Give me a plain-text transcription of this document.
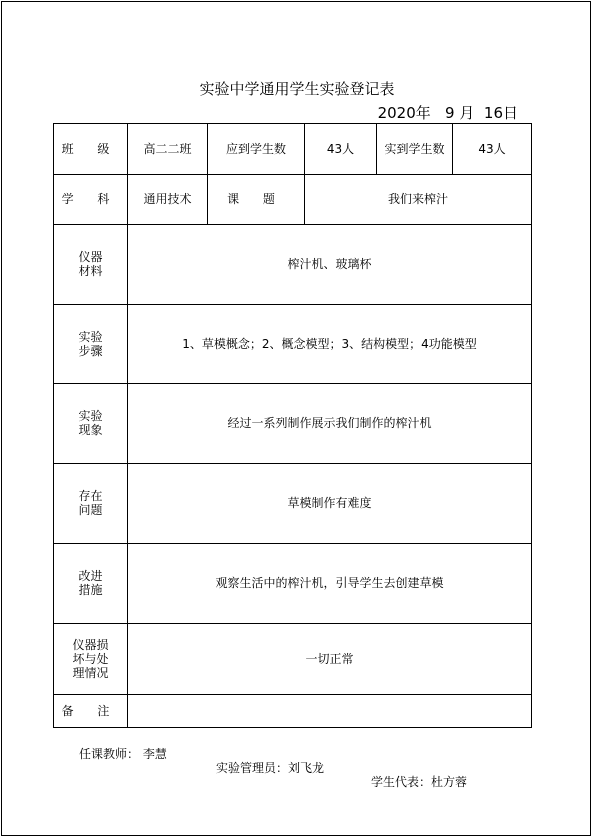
实验中学通用学生实验登记表
2020年   9 月  16日
班 级	高二二班	应到学生数	43人	实到学生数	43人
学 科	通用技术	课 题	我们来榨汁		
仪器材料	榨汁机、玻璃杯				
实验步骤	1、草模概念；2、概念模型；3、结构模型；4功能模型				
实验现象	经过一系列制作展示我们制作的榨汁机				
存在问题	草模制作有难度				
改进措施	观察生活中的榨汁机，引导学生去创建草模				
仪器损坏与处理情况	一切正常				
备 注					

任课教师： 李慧

实验管理员：刘飞龙

学生代表：杜方蓉
